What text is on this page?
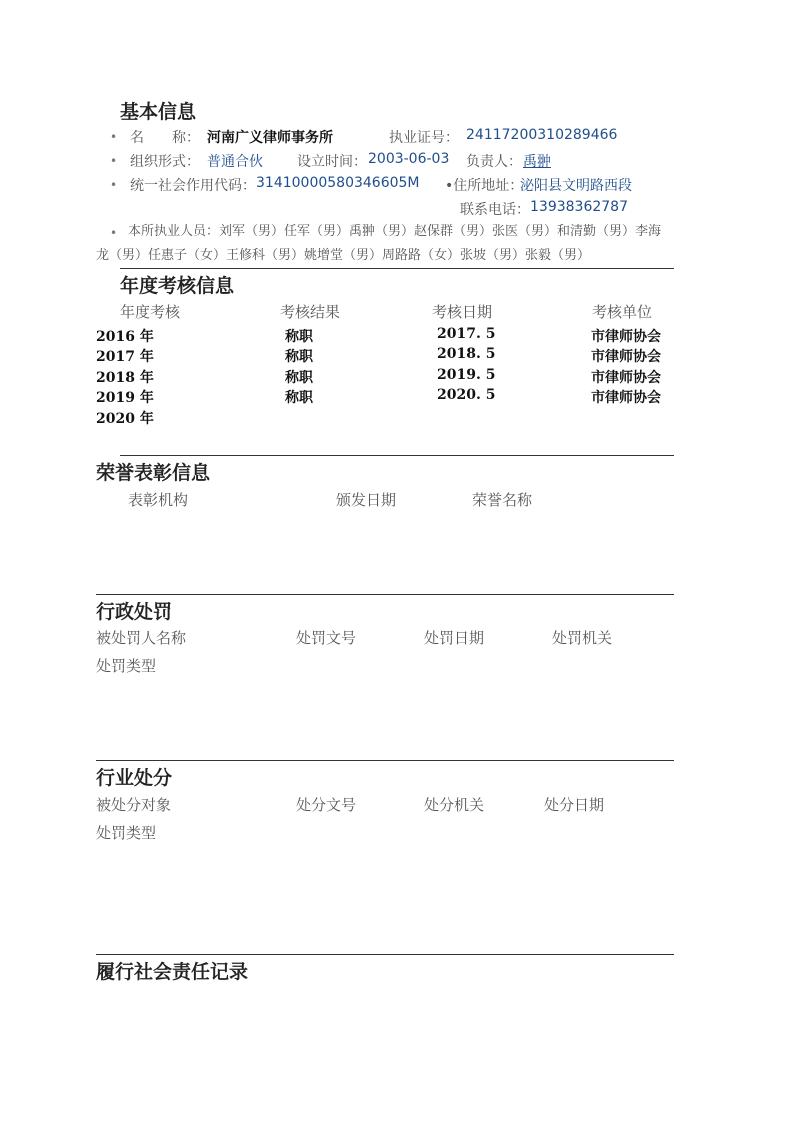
基本信息
• 名　　称： 河南广义律师事务所	执业证号： 24117200310289466
• 组织形式： 普通合伙 设立时间： 2003-06-03 负责人： 禹翀
• 统一社会作用代码： 31410000580346605M •住所地址：
泌阳县文明路西段
联系电话： 13938362787
• 本所执业人员：刘军（男）任军（男）禹翀（男）赵保群（男）张医（男）和清勤（男）李海
龙（男）任惠子（女）王修科（男）姚增堂（男）周路路（女）张坡（男）张毅（男）
年度考核信息
年度考核	考核结果	考核日期	考核单位
2016 年	称职	2017. 5	市律师协会
2017 年	称职	2018. 5	市律师协会
2018 年	称职	2019. 5	市律师协会
2019 年	称职	2020. 5	市律师协会
2020 年
荣誉表彰信息
表彰机构	颁发日期	荣誉名称
行政处罚
被处罚人名称	处罚文号	处罚日期	处罚机关
处罚类型
行业处分
被处分对象	处分文号	处分机关	处分日期
处罚类型
履行社会责任记录
